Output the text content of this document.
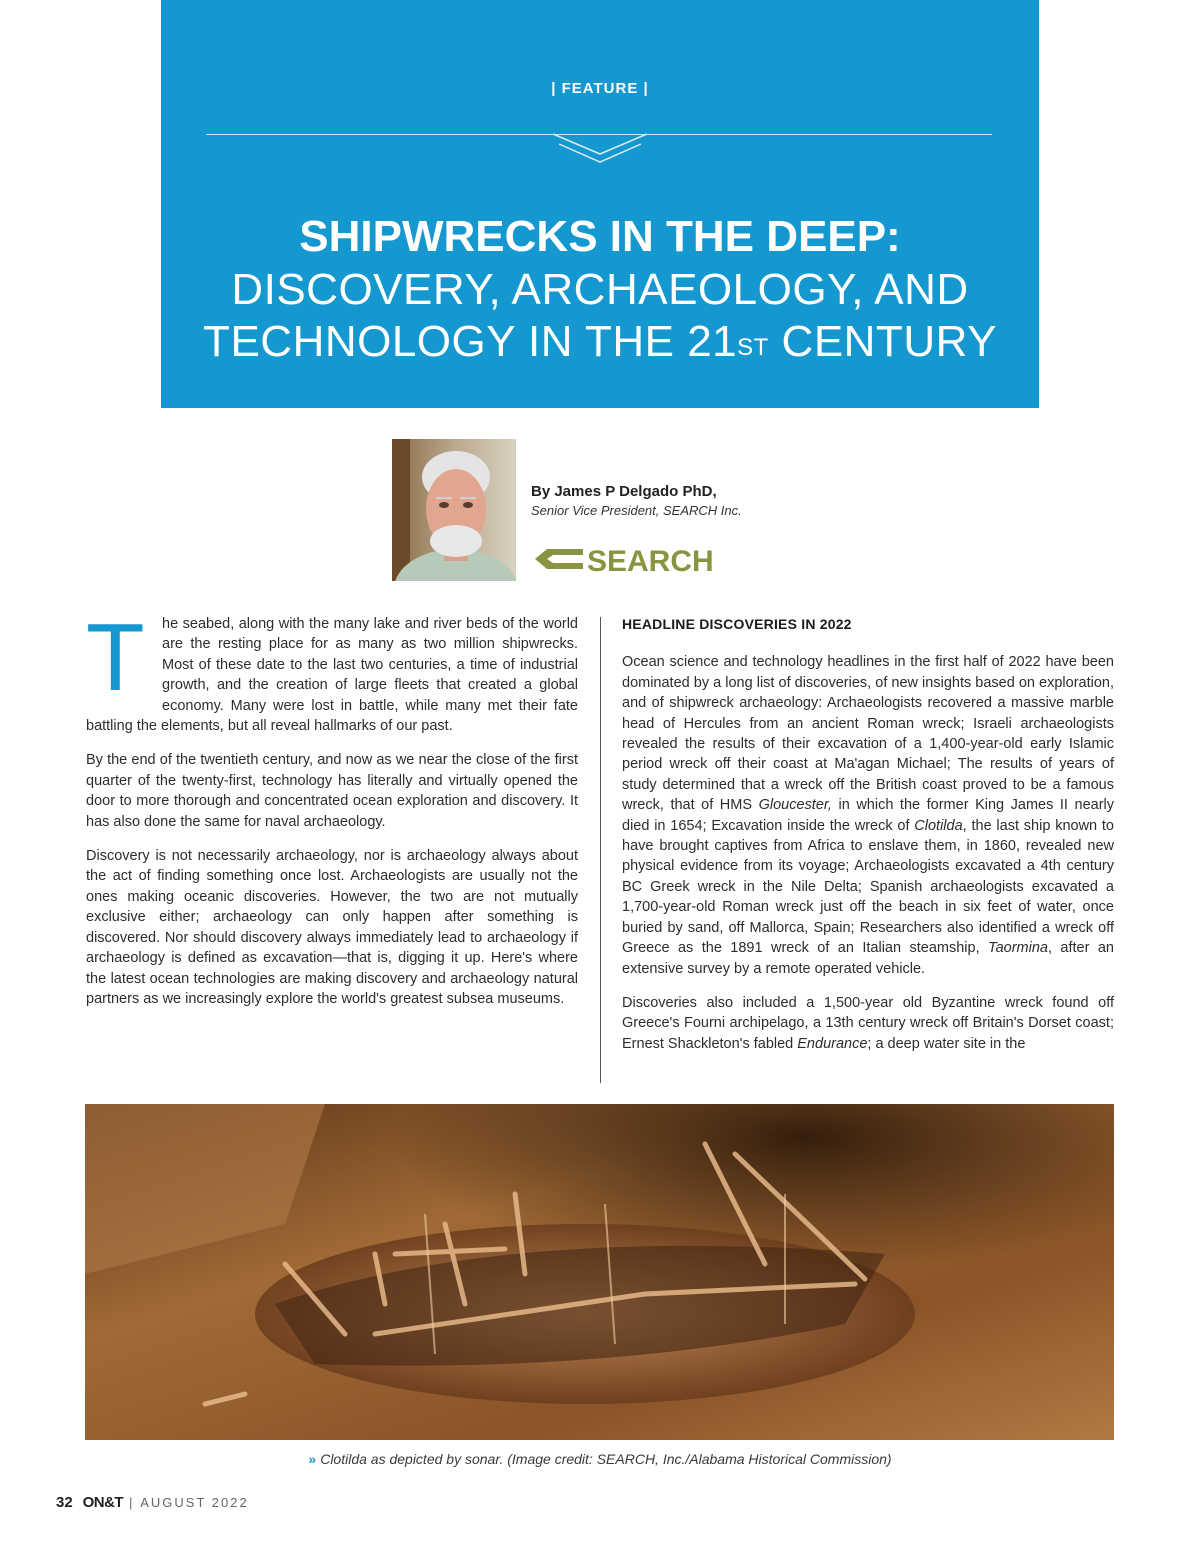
| FEATURE |
SHIPWRECKS IN THE DEEP:
DISCOVERY, ARCHAEOLOGY, AND
TECHNOLOGY IN THE 21ST CENTURY
By James P Delgado PhD,
Senior Vice President, SEARCH Inc.
SEARCH

T he seabed, along with the many lake and river beds of the world are the resting place for as many as two million shipwrecks. Most of these date to the last two centuries, a time of industrial growth, and the creation of large fleets that created a global economy. Many were lost in battle, while many met their fate battling the elements, but all reveal hallmarks of our past.

By the end of the twentieth century, and now as we near the close of the first quarter of the twenty-first, technology has literally and virtually opened the door to more thorough and concentrated ocean exploration and discovery. It has also done the same for naval archaeology.

Discovery is not necessarily archaeology, nor is archaeology always about the act of finding something once lost. Archaeologists are usually not the ones making oceanic discoveries. However, the two are not mutually exclusive either; archaeology can only happen after something is discovered. Nor should discovery always immediately lead to archaeology if archaeology is defined as excavation—that is, digging it up. Here's where the latest ocean technologies are making discovery and archaeology natural partners as we increasingly explore the world's greatest subsea museums.

HEADLINE DISCOVERIES IN 2022

Ocean science and technology headlines in the first half of 2022 have been dominated by a long list of discoveries, of new insights based on exploration, and of shipwreck archaeology: Archaeologists recovered a massive marble head of Hercules from an ancient Roman wreck; Israeli archaeologists revealed the results of their excavation of a 1,400-year-old early Islamic period wreck off their coast at Ma'agan Michael; The results of years of study determined that a wreck off the British coast proved to be a famous wreck, that of HMS Gloucester, in which the former King James II nearly died in 1654; Excavation inside the wreck of Clotilda, the last ship known to have brought captives from Africa to enslave them, in 1860, revealed new physical evidence from its voyage; Archaeologists excavated a 4th century BC Greek wreck in the Nile Delta; Spanish archaeologists excavated a 1,700-year-old Roman wreck just off the beach in six feet of water, once buried by sand, off Mallorca, Spain; Researchers also identified a wreck off Greece as the 1891 wreck of an Italian steamship, Taormina, after an extensive survey by a remote operated vehicle.

Discoveries also included a 1,500-year old Byzantine wreck found off Greece's Fourni archipelago, a 13th century wreck off Britain's Dorset coast; Ernest Shackleton's fabled Endurance; a deep water site in the

» Clotilda as depicted by sonar. (Image credit: SEARCH, Inc./Alabama Historical Commission)
32 ON&T | AUGUST 2022
